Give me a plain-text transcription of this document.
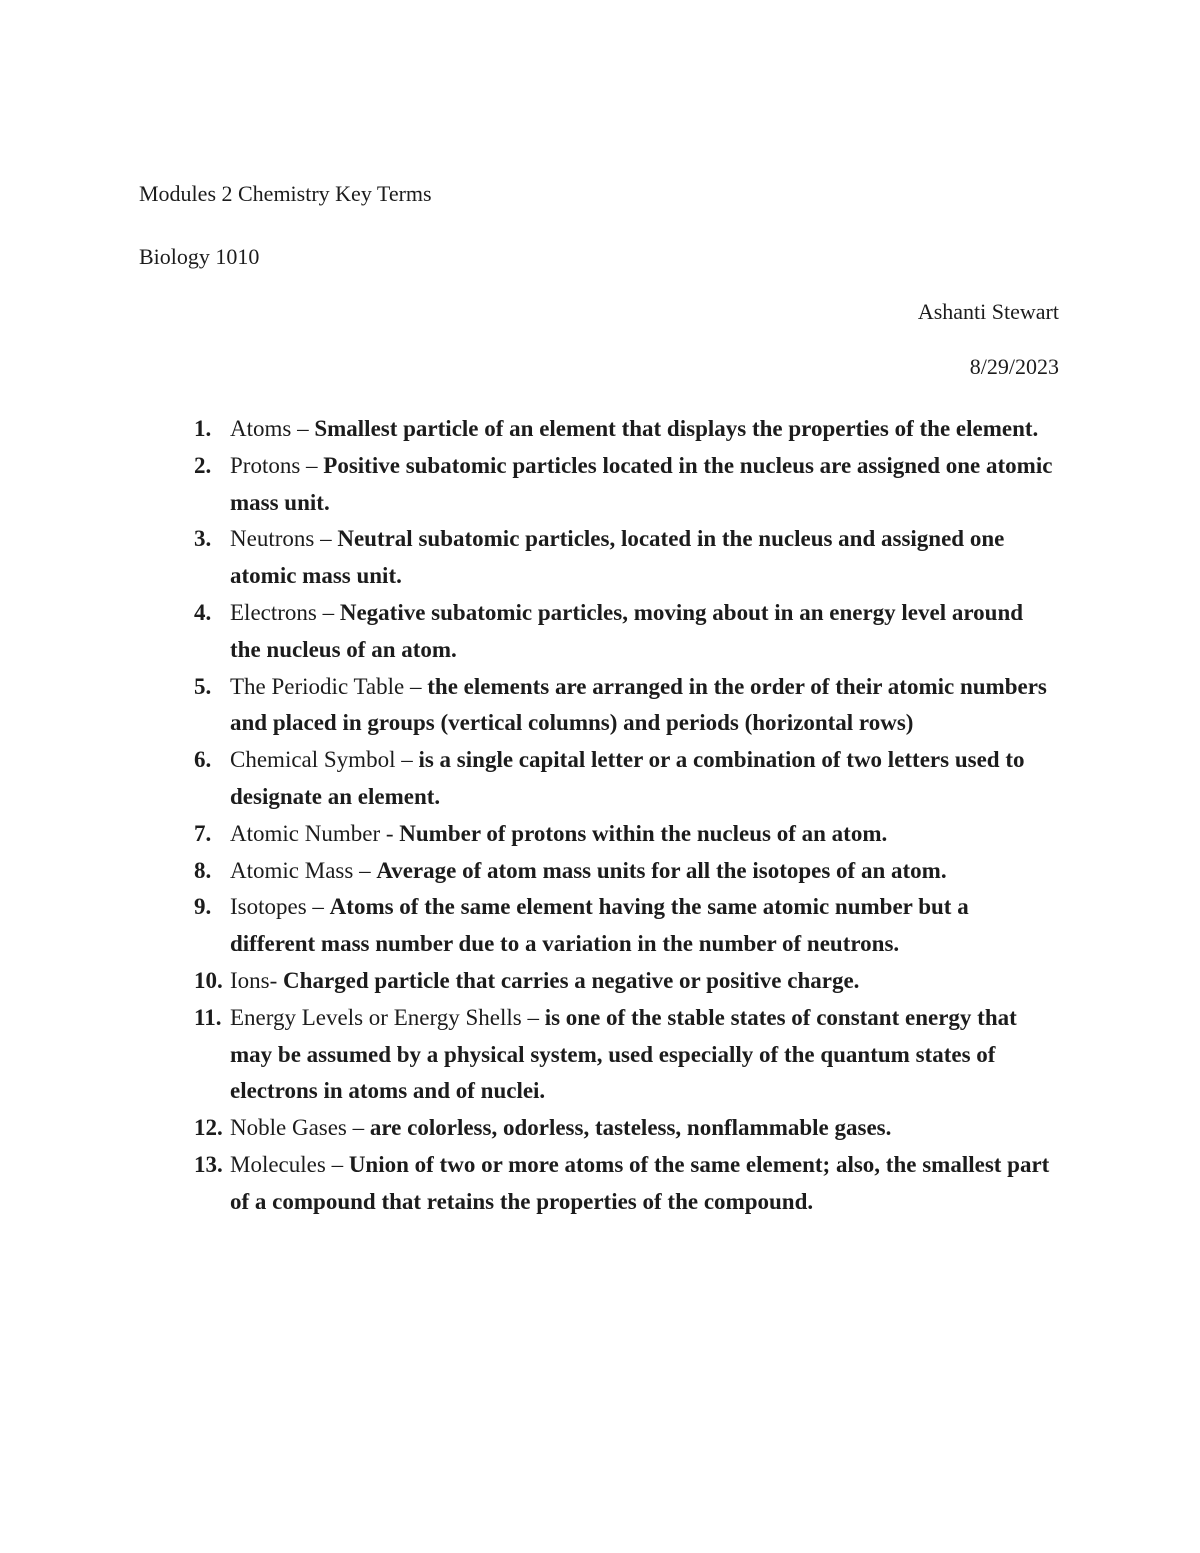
Modules 2 Chemistry Key Terms
Biology 1010
Ashanti Stewart
8/29/2023
1. Atoms – Smallest particle of an element that displays the properties of the element.
2. Protons – Positive subatomic particles located in the nucleus are assigned one atomic mass unit.
3. Neutrons – Neutral subatomic particles, located in the nucleus and assigned one atomic mass unit.
4. Electrons – Negative subatomic particles, moving about in an energy level around the nucleus of an atom.
5. The Periodic Table – the elements are arranged in the order of their atomic numbers and placed in groups (vertical columns) and periods (horizontal rows)
6. Chemical Symbol – is a single capital letter or a combination of two letters used to designate an element.
7. Atomic Number - Number of protons within the nucleus of an atom.
8. Atomic Mass – Average of atom mass units for all the isotopes of an atom.
9. Isotopes – Atoms of the same element having the same atomic number but a different mass number due to a variation in the number of neutrons.
10. Ions- Charged particle that carries a negative or positive charge.
11. Energy Levels or Energy Shells – is one of the stable states of constant energy that may be assumed by a physical system, used especially of the quantum states of electrons in atoms and of nuclei.
12. Noble Gases – are colorless, odorless, tasteless, nonflammable gases.
13. Molecules – Union of two or more atoms of the same element; also, the smallest part of a compound that retains the properties of the compound.
